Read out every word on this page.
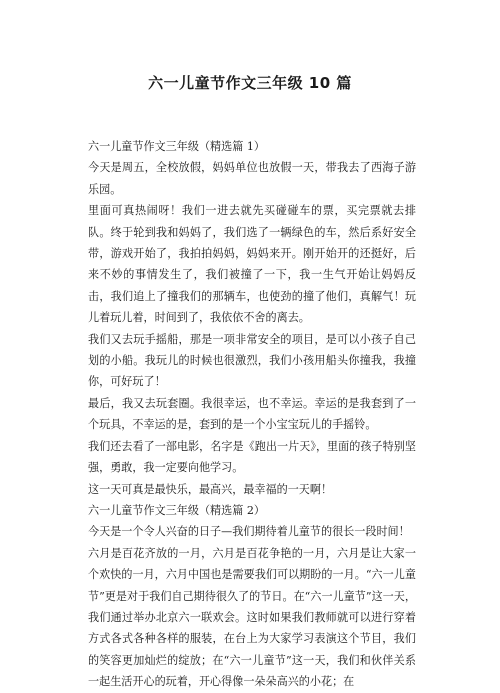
六一儿童节作文三年级 10 篇

六一儿童节作文三年级（精选篇 1）

今天是周五，全校放假，妈妈单位也放假一天，带我去了西海子游乐园。

里面可真热闹呀！我们一进去就先买碰碰车的票，买完票就去排队。终于轮到我和妈妈了，我们选了一辆绿色的车，然后系好安全带，游戏开始了，我拍拍妈妈，妈妈来开。刚开始开的还挺好，后来不妙的事情发生了，我们被撞了一下，我一生气开始让妈妈反击，我们追上了撞我们的那辆车，也使劲的撞了他们，真解气！玩儿着玩儿着，时间到了，我依依不舍的离去。

我们又去玩手摇船，那是一项非常安全的项目，是可以小孩子自己划的小船。我玩儿的时候也很激烈，我们小孩用船头你撞我，我撞你，可好玩了！

最后，我又去玩套圈。我很幸运，也不幸运。幸运的是我套到了一个玩具，不幸运的是，套到的是一个小宝宝玩儿的手摇铃。

我们还去看了一部电影，名字是《跑出一片天》，里面的孩子特别坚强，勇敢，我一定要向他学习。

这一天可真是最快乐，最高兴，最幸福的一天啊！

六一儿童节作文三年级（精选篇 2）

今天是一个令人兴奋的日子—我们期待着儿童节的很长一段时间！

六月是百花齐放的一月，六月是百花争艳的一月，六月是让大家一个欢快的一月，六月中国也是需要我们可以期盼的一月。“六一儿童节”更是对于我们自己期待很久了的节日。在“六一儿童节”这一天，我们通过举办北京六一联欢会。这时如果我们教师就可以进行穿着方式各式各种各样的服装，在台上为大家学习表演这个节目，我们的笑容更加灿烂的绽放；在“六一儿童节”这一天，我们和伙伴关系一起生活开心的玩着，开心得像一朵朵高兴的小花；在
